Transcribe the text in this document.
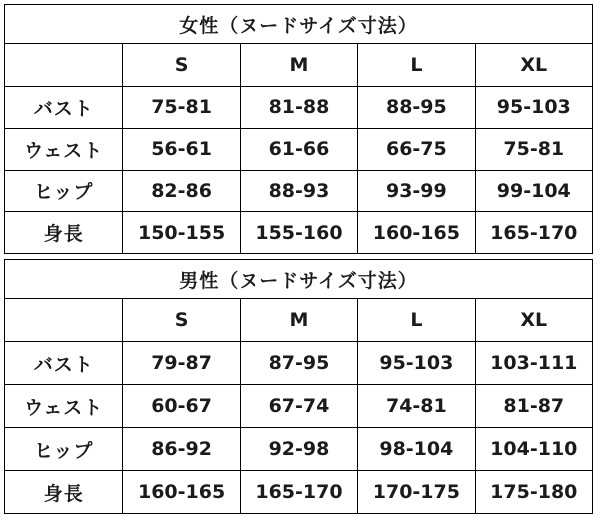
女性（ヌードサイズ寸法）				
	S	M	L	XL
バスト	75-81	81-88	88-95	95-103
ウェスト	56-61	61-66	66-75	75-81
ヒップ	82-86	88-93	93-99	99-104
身長	150-155	155-160	160-165	165-170
男性（ヌードサイズ寸法）				
	S	M	L	XL
バスト	79-87	87-95	95-103	103-111
ウェスト	60-67	67-74	74-81	81-87
ヒップ	86-92	92-98	98-104	104-110
身長	160-165	165-170	170-175	175-180
